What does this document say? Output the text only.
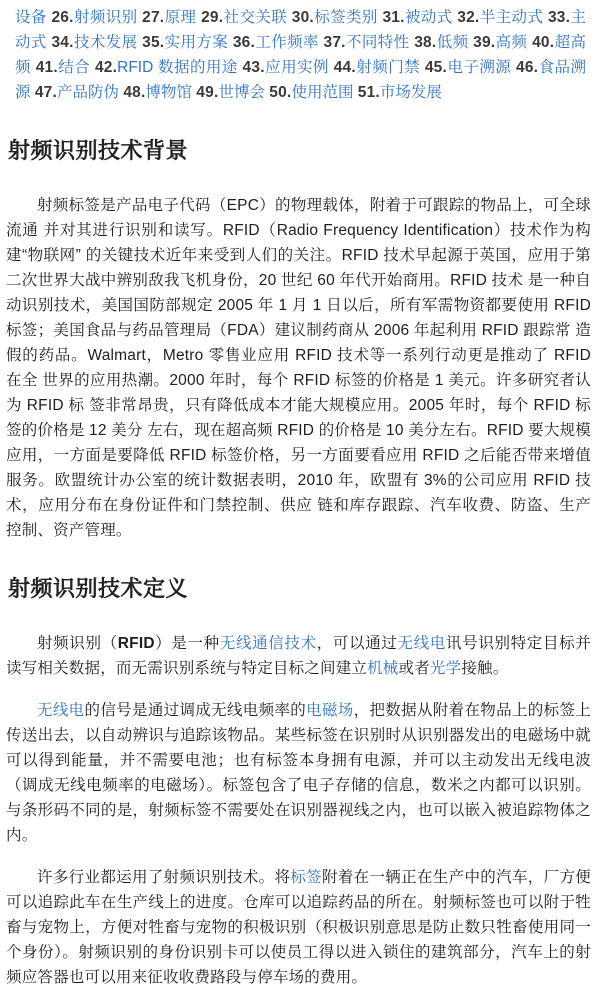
设备 26.射频识别 27.原理 29.社交关联 30.标签类别 31.被动式 32.半主动式 33.主动式 34.技术发展 35.实用方案 36.工作频率 37.不同特性 38.低频 39.高频 40.超高频 41.结合 42.RFID 数据的用途 43.应用实例 44.射频门禁 45.电子溯源 46.食品溯源 47.产品防伪 48.博物馆 49.世博会 50.使用范围 51.市场发展
射频识别技术背景

射频标签是产品电子代码（EPC）的物理载体，附着于可跟踪的物品上，可全球流通 并对其进行识别和读写。RFID（Radio Frequency Identification）技术作为构建“物联网” 的关键技术近年来受到人们的关注。RFID 技术早起源于英国，应用于第二次世界大战中辨别敌我飞机身份，20 世纪 60 年代开始商用。RFID 技术 是一种自动识别技术，美国国防部规定 2005 年 1 月 1 日以后，所有军需物资都要使用 RFID 标签；美国食品与药品管理局（FDA）建议制药商从 2006 年起利用 RFID 跟踪常 造假的药品。Walmart，Metro 零售业应用 RFID 技术等一系列行动更是推动了 RFID 在全 世界的应用热潮。2000 年时，每个 RFID 标签的价格是 1 美元。许多研究者认为 RFID 标 签非常昂贵，只有降低成本才能大规模应用。2005 年时，每个 RFID 标签的价格是 12 美分 左右，现在超高频 RFID 的价格是 10 美分左右。RFID 要大规模应用，一方面是要降低 RFID 标签价格，另一方面要看应用 RFID 之后能否带来增值服务。欧盟统计办公室的统计数据表明，2010 年，欧盟有 3%的公司应用 RFID 技术，应用分布在身份证件和门禁控制、供应 链和库存跟踪、汽车收费、防盗、生产控制、资产管理。

射频识别技术定义

射频识别（RFID）是一种无线通信技术，可以通过无线电讯号识别特定目标并读写相关数据，而无需识别系统与特定目标之间建立机械或者光学接触。

无线电的信号是通过调成无线电频率的电磁场，把数据从附着在物品上的标签上传送出去，以自动辨识与追踪该物品。某些标签在识别时从识别器发出的电磁场中就可以得到能量，并不需要电池；也有标签本身拥有电源，并可以主动发出无线电波（调成无线电频率的电磁场）。标签包含了电子存储的信息，数米之内都可以识别。与条形码不同的是，射频标签不需要处在识别器视线之内，也可以嵌入被追踪物体之内。

许多行业都运用了射频识别技术。将标签附着在一辆正在生产中的汽车，厂方便可以追踪此车在生产线上的进度。仓库可以追踪药品的所在。射频标签也可以附于牲畜与宠物上，方便对牲畜与宠物的积极识别（积极识别意思是防止数只牲畜使用同一个身份）。射频识别的身份识别卡可以使员工得以进入锁住的建筑部分，汽车上的射频应答器也可以用来征收收费路段与停车场的费用。
